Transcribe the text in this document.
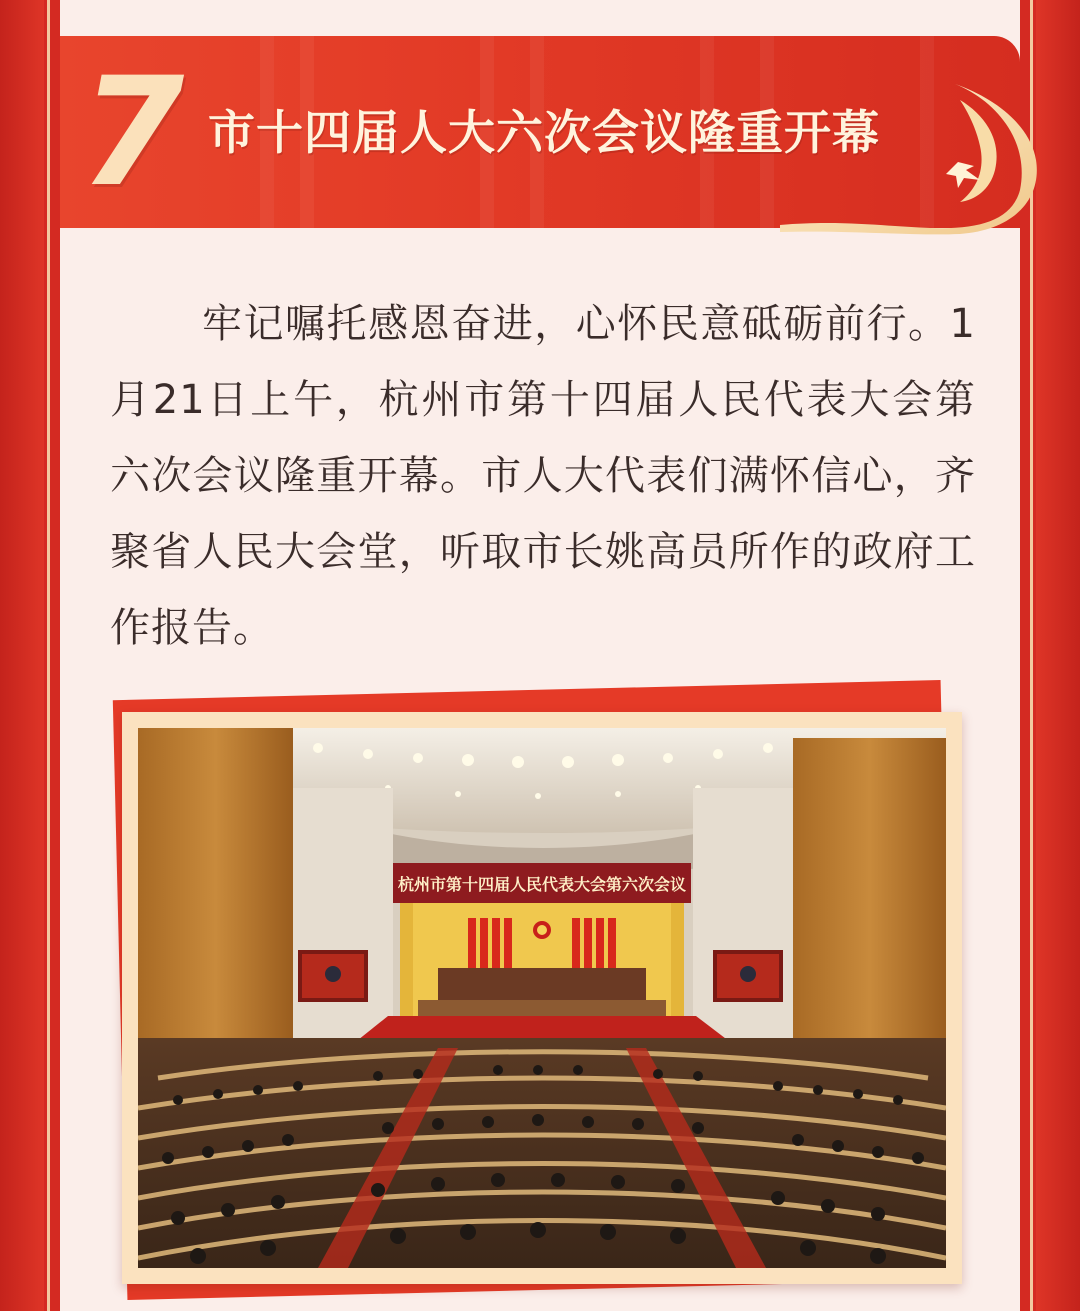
7 市十四届人大六次会议隆重开幕

牢记嘱托感恩奋进，心怀民意砥砺前行。1月21日上午，杭州市第十四届人民代表大会第六次会议隆重开幕。市人大代表们满怀信心，齐聚省人民大会堂，听取市长姚高员所作的政府工作报告。

杭州市第十四届人民代表大会第六次会议
